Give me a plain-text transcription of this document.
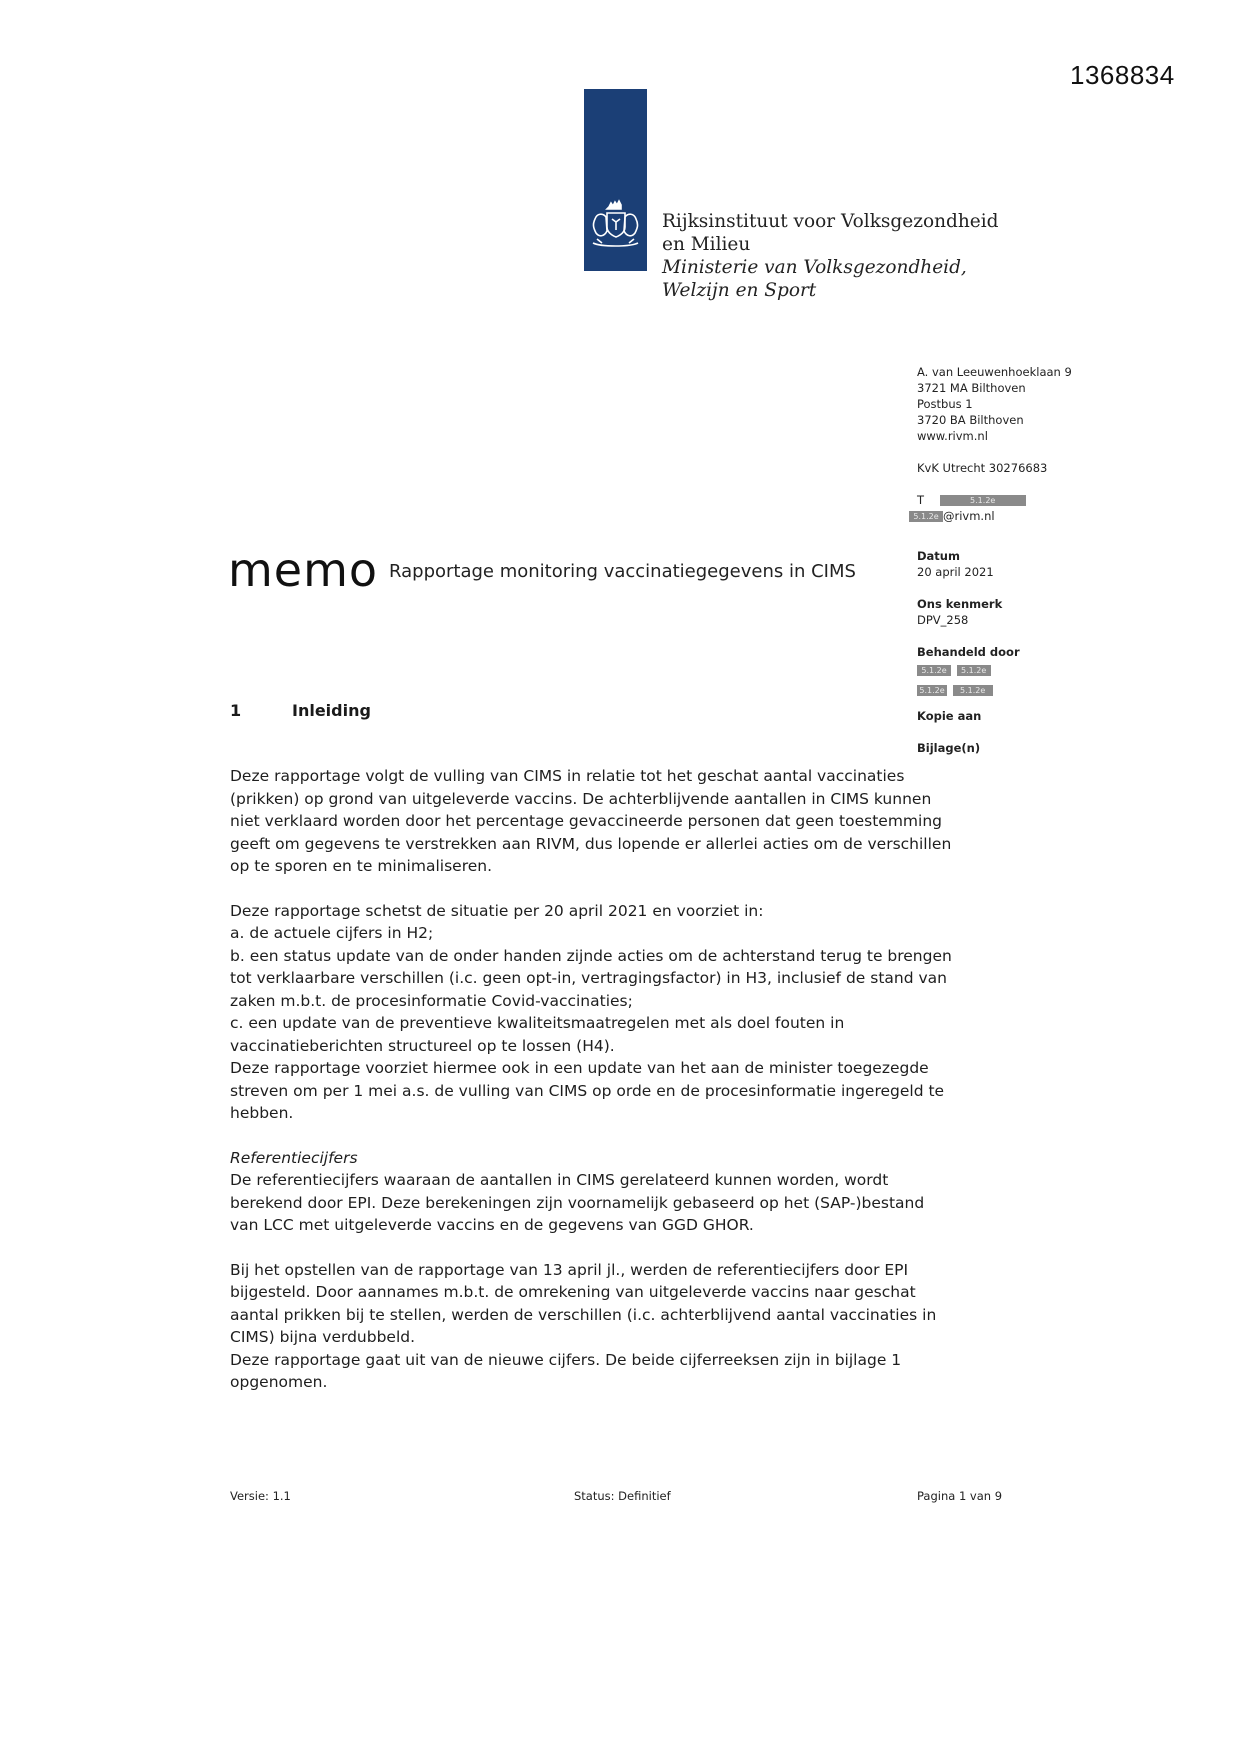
1368834
Rijksinstituut voor Volksgezondheid
en Milieu
Ministerie van Volksgezondheid,
Welzijn en Sport
A. van Leeuwenhoeklaan 9
3721 MA Bilthoven
Postbus 1
3720 BA Bilthoven
www.rivm.nl
KvK Utrecht 30276683
T	5.1.2e
5.1.2e @rivm.nl
memo Rapportage monitoring vaccinatiegegevens in CIMS
Datum
20 april 2021
Ons kenmerk
DPV_258
Behandeld door
5.1.2e 5.1.2e
5.1.2e 5.1.2e
Kopie aan
Bijlage(n)
1	Inleiding

Deze rapportage volgt de vulling van CIMS in relatie tot het geschat aantal vaccinaties
(prikken) op grond van uitgeleverde vaccins. De achterblijvende aantallen in CIMS kunnen
niet verklaard worden door het percentage gevaccineerde personen dat geen toestemming
geeft om gegevens te verstrekken aan RIVM, dus lopende er allerlei acties om de verschillen
op te sporen en te minimaliseren.

Deze rapportage schetst de situatie per 20 april 2021 en voorziet in:
a. de actuele cijfers in H2;
b. een status update van de onder handen zijnde acties om de achterstand terug te brengen
tot verklaarbare verschillen (i.c. geen opt-in, vertragingsfactor) in H3, inclusief de stand van
zaken m.b.t. de procesinformatie Covid-vaccinaties;
c. een update van de preventieve kwaliteitsmaatregelen met als doel fouten in
vaccinatieberichten structureel op te lossen (H4).
Deze rapportage voorziet hiermee ook in een update van het aan de minister toegezegde
streven om per 1 mei a.s. de vulling van CIMS op orde en de procesinformatie ingeregeld te
hebben.

Referentiecijfers

De referentiecijfers waaraan de aantallen in CIMS gerelateerd kunnen worden, wordt
berekend door EPI. Deze berekeningen zijn voornamelijk gebaseerd op het (SAP-)bestand
van LCC met uitgeleverde vaccins en de gegevens van GGD GHOR.

Bij het opstellen van de rapportage van 13 april jl., werden de referentiecijfers door EPI
bijgesteld. Door aannames m.b.t. de omrekening van uitgeleverde vaccins naar geschat
aantal prikken bij te stellen, werden de verschillen (i.c. achterblijvend aantal vaccinaties in
CIMS) bijna verdubbeld.
Deze rapportage gaat uit van de nieuwe cijfers. De beide cijferreeksen zijn in bijlage 1
opgenomen.

Versie: 1.1	Status: Definitief	Pagina 1 van 9
